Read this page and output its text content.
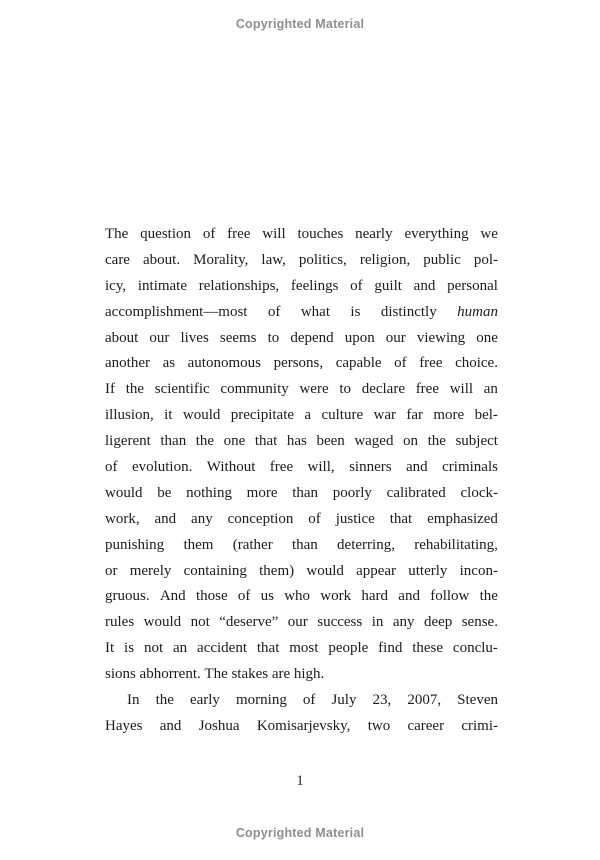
Copyrighted Material
The question of free will touches nearly everything we
care about. Morality, law, politics, religion, public pol-
icy, intimate relationships, feelings of guilt and personal
accomplishment—most of what is distinctly human
about our lives seems to depend upon our viewing one
another as autonomous persons, capable of free choice.
If the scientific community were to declare free will an
illusion, it would precipitate a culture war far more bel-
ligerent than the one that has been waged on the subject
of evolution. Without free will, sinners and criminals
would be nothing more than poorly calibrated clock-
work, and any conception of justice that emphasized
punishing them (rather than deterring, rehabilitating,
or merely containing them) would appear utterly incon-
gruous. And those of us who work hard and follow the
rules would not “deserve” our success in any deep sense.
It is not an accident that most people find these conclu-
sions abhorrent. The stakes are high.
In the early morning of July 23, 2007, Steven
Hayes and Joshua Komisarjevsky, two career crimi-
1
Copyrighted Material
